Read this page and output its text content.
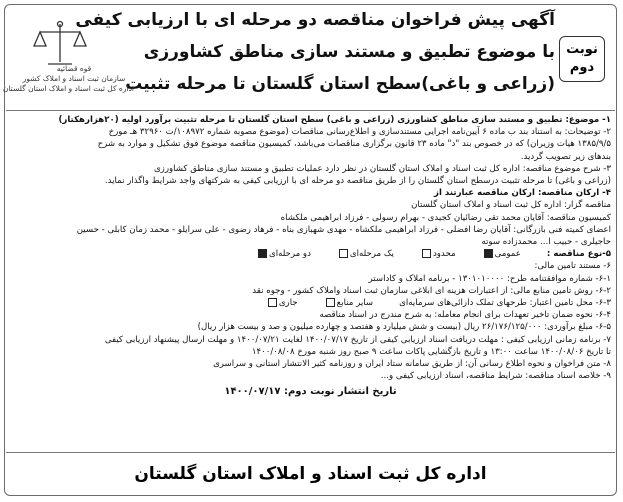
آگهی پیش فراخوان مناقصه دو مرحله ای با ارزیابی کیفی
با موضوع تطبیق و مستند سازی مناطق کشاورزی
(زراعی و باغی)سطح استان گلستان تا مرحله تثبیت
نوبت
دوم
قوه قضائیه
سازمان ثبت اسناد و املاک کشور
اداره کل ثبت اسناد و املاک استان گلستان
۱- موضوع: تطبیق و مستند سازی مناطق کشاورزی (زراعی و باغی) سطح استان گلستان تا مرحله تثبیت برآورد اولیه (۲۰هزارهکتار)
۲- توضیحات: به استناد بند ب ماده ۶ آیین‌نامه اجرایی مستندسازی و اطلاع‌رسانی مناقصات (موضوع مصوبه شماره ۱۰۸۹۷۲/ت ۳۲۹۶۰ هـ مورخ
۱۳۸۵/۹/۵ هیات وزیران) که در خصوص بند "د" ماده ۲۳ قانون برگزاری مناقصات می‌باشد، کمیسیون مناقصه موضوع فوق تشکیل و موارد به شرح
بندهای زیر تصویب گردید.
۳- شرح موضوع مناقصه: اداره کل ثبت اسناد و املاک استان گلستان در نظر دارد عملیات تطبیق و مستند سازی مناطق کشاورزی
(زراعی و باغی) تا مرحله تثبیت درسطح استان گلستان را از طریق مناقصه دو مرحله ای با ارزیابی کیفی به شرکتهای واجد شرایط واگذار نماید.
۴- ارکان مناقصه: ارکان مناقصه عبارتند از
مناقصه گزار: اداره کل ثبت اسناد و املاک استان گلستان
کمیسیون مناقصه: آقایان محمد تقی رضائیان کجیدی - بهرام رسولی - فرزاد ابراهیمی ملکشاه
اعضای کمیته فنی بازرگانی: آقایان رضا افضلی - فرزاد ابراهیمی ملکشاه - مهدی شهبازی بناه - فرهاد رضوی - علی سرایلو - محمد زمان کابلی - حسین
حاجیلری - حبیب ا... محمدزاده سوته
۵-نوع مناقصه :
عمومی
محدود
یک مرحله‌ای
دو مرحله‌ای
۶- مستند تامین مالی:
۶-۱- شماره موافقتنامه طرح: ۱۳۰۱۰۱۰۰۰۰ - برنامه املاک و کاداستر
۶-۲- روش تامین منابع مالی: از اعتبارات هزینه ای ابلاغی سازمان ثبت اسناد واملاک کشور - وجوه نقد
۶-۳- محل تامین اعتبار: طرحهای تملک دارائی‌های سرمایه‌ای
سایر منابع
جاری
۶-۴- نحوه ضمان تاخیر تعهدات برای انجام معامله: به شرح مندرج در اسناد مناقصه
۶-۵- مبلغ برآوردی: ۲۶/۱۷۶/۱۲۵/۰۰۰ ریال (بیست و شش میلیارد و هفتصد و چهارده میلیون و صد و بیست هزار ریال)
۷- برنامه زمانی ارزیابی کیفی : مهلت دریافت اسناد ارزیابی کیفی از تاریخ ۱۴۰۰/۰۷/۱۷ لغایت ۱۴۰۰/۰۷/۲۱ و مهلت ارسال پیشنهاد ارزیابی کیفی
تا تاریخ ۱۴۰۰/۰۸/۰۶ ساعت ۱۳:۰۰ و تاریخ بازگشایی پاکات ساعت ۹ صبح روز شنبه مورخ ۱۴۰۰/۰۸/۰۸
۸- متن فراخوان و نحوه اطلاع رسانی آن: از طریق سامانه ستاد ایران و روزنامه کثیر الانتشار استانی و سراسری
۹- خلاصه اسناد مناقصه: شرایط مناقصه، اسناد ارزیابی کیفی و...
تاریخ انتشار نوبت دوم: ۱۴۰۰/۰۷/۱۷
اداره کل ثبت اسناد و املاک استان گلستان
